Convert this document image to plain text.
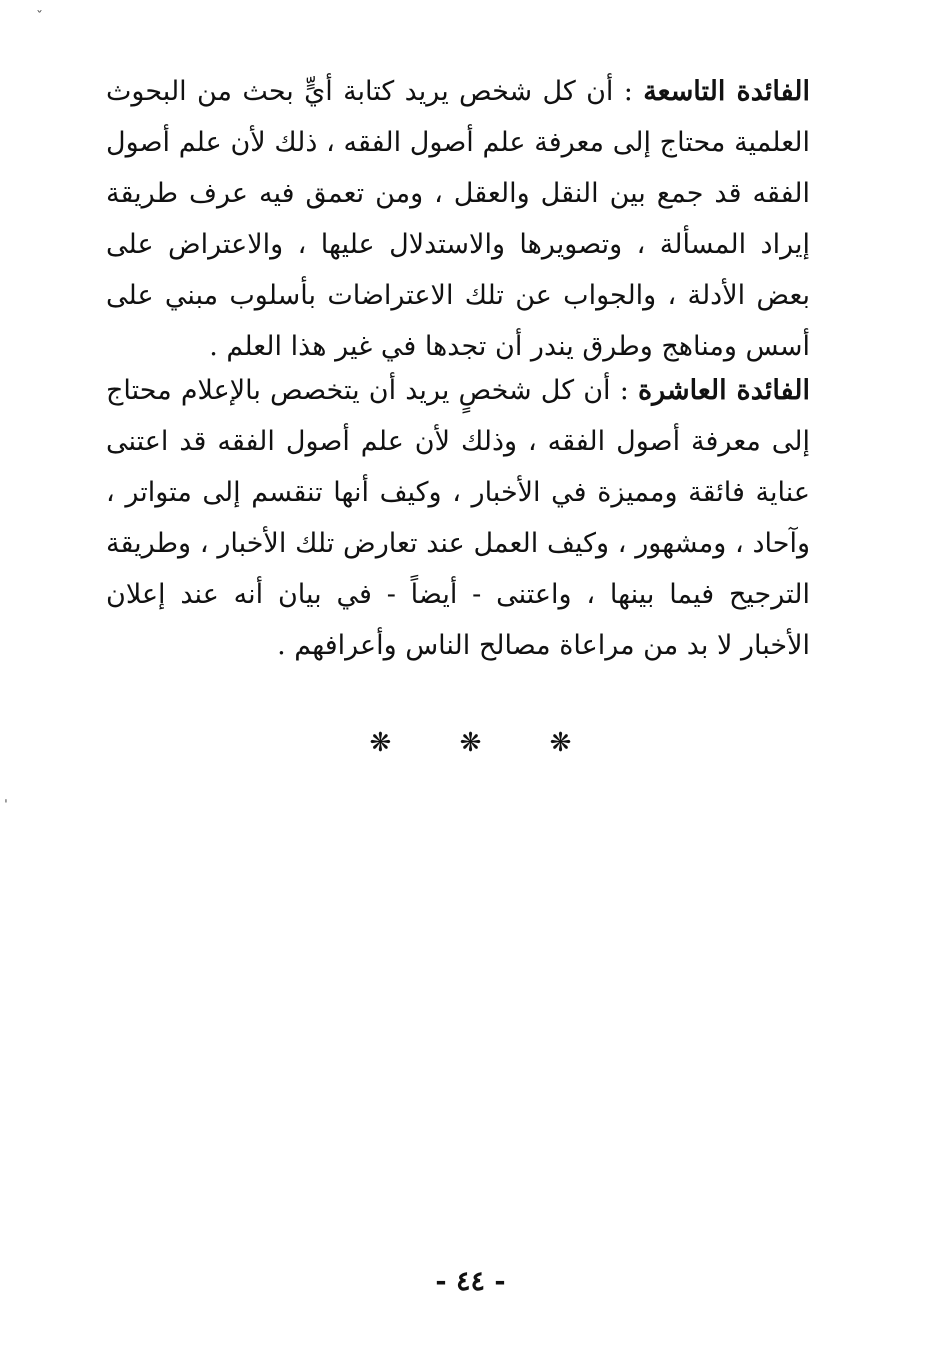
ˇ
ˌ

الفائدة التاسعة : أن كل شخص يريد كتابة أيٍّ بحث من البحوث العلمية محتاج إلى معرفة علم أصول الفقه ، ذلك لأن علم أصول الفقه قد جمع بين النقل والعقل ، ومن تعمق فيه عرف طريقة إيراد المسألة ، وتصويرها والاستدلال عليها ، والاعتراض على بعض الأدلة ، والجواب عن تلك الاعتراضات بأسلوب مبني على أسس ومناهج وطرق يندر أن تجدها في غير هذا العلم .

الفائدة العاشرة : أن كل شخصٍ يريد أن يتخصص بالإعلام محتاج إلى معرفة أصول الفقه ، وذلك لأن علم أصول الفقه قد اعتنى عناية فائقة ومميزة في الأخبار ، وكيف أنها تنقسم إلى متواتر ، وآحاد ، ومشهور ، وكيف العمل عند تعارض تلك الأخبار ، وطريقة الترجيح فيما بينها ، واعتنى - أيضاً - في بيان أنه عند إعلان الأخبار لا بد من مراعاة مصالح الناس وأعرافهم .

❋	❋	❋
- ٤٤ -
